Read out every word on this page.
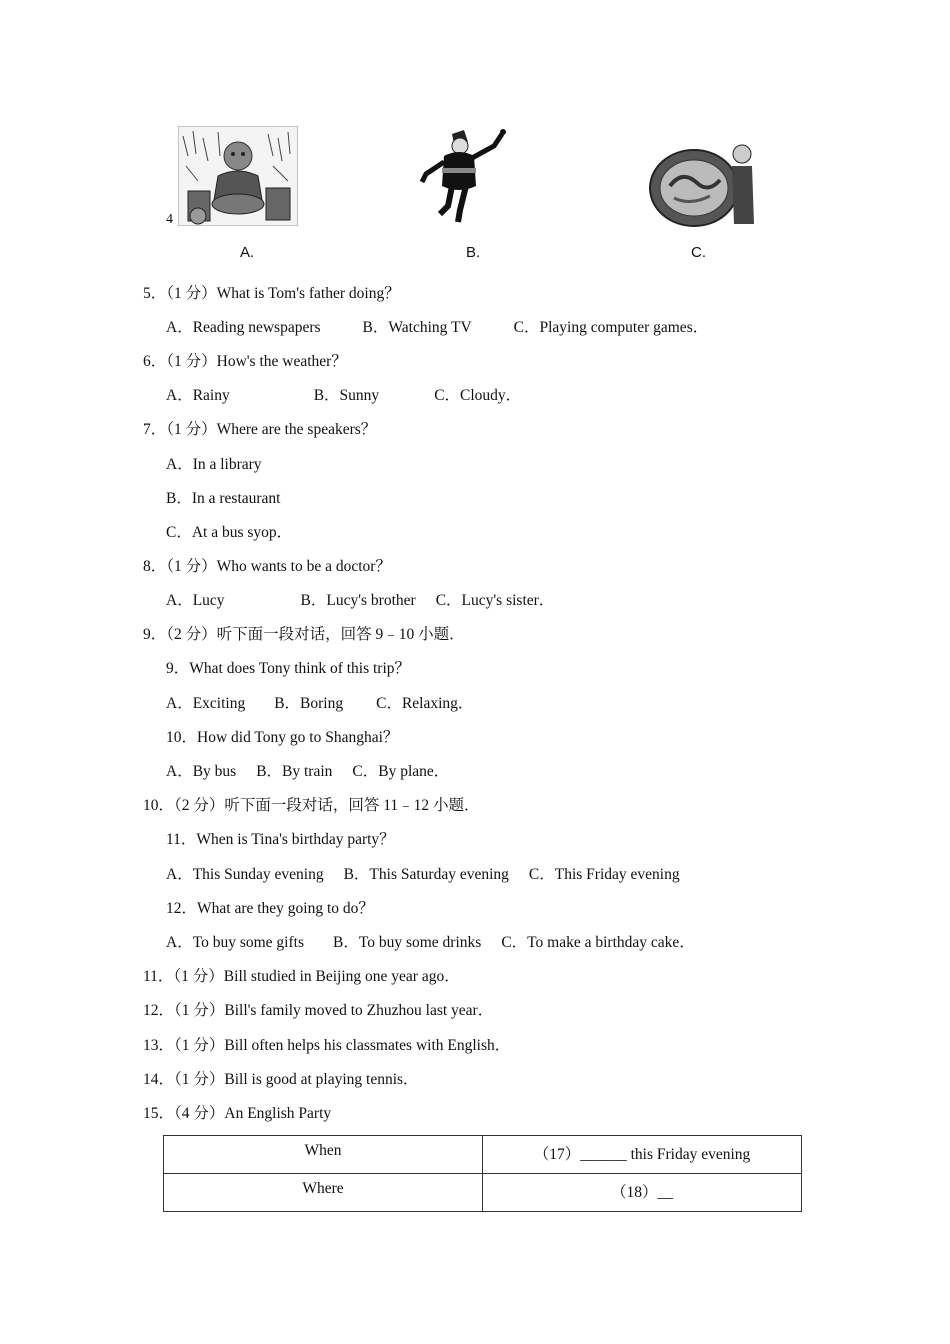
4
A.	B.	C.
5．（1 分）What is Tom's father doing？
A．Reading newspapers	B．Watching TV	C．Playing computer games．
6．（1 分）How's the weather？
A．Rainy	B．Sunny	C．Cloudy．
7．（1 分）Where are the speakers？
A．In a library
B．In a restaurant
C．At a bus syop．
8．（1 分）Who wants to be a doctor？
A．Lucy	B．Lucy's brother C．Lucy's sister．
9．（2 分）听下面一段对话，回答 9﹣10 小题．
9．What does Tony think of this trip？
A．Exciting B．Boring C．Relaxing．
10．How did Tony go to Shanghai？
A．By bus B．By train C．By plane．
10．（2 分）听下面一段对话，回答 11﹣12 小题．
11．When is Tina's birthday party？
A．This Sunday evening B．This Saturday evening C．This Friday evening
12．What are they going to do？
A．To buy some gifts B．To buy some drinks C．To make a birthday cake．
11．（1 分）Bill studied in Beijing one year ago．
12．（1 分）Bill's family moved to Zhuzhou last year．
13．（1 分）Bill often helps his classmates with English．
14．（1 分）Bill is good at playing tennis．
15．（4 分）An English Party
When	（17）______ this Friday evening
Where	（18）__
